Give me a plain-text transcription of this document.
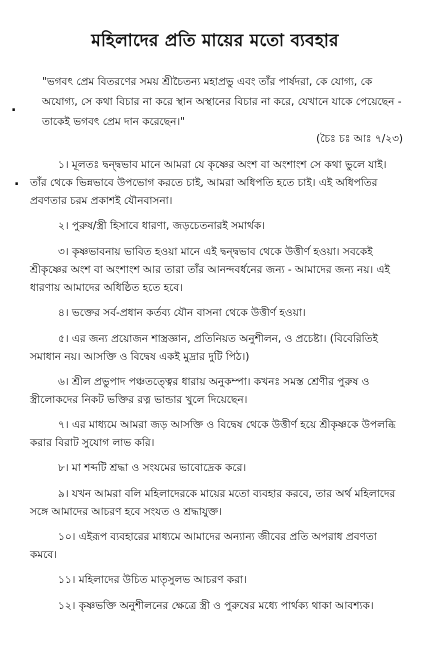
মহিলাদের প্রতি মায়ের মতো ব্যবহার
.
.
"ভগবৎ প্রেম বিতরণের সময় শ্রীচৈতন্য মহাপ্রভু এবং তাঁর পার্ষদরা, কে যোগ্য, কে অযোগ্য, সে কথা বিচার না করে স্থান অস্থানের বিচার না করে, যেখানে যাকে পেয়েছেন - তাকেই ভগবৎ প্রেম দান করেছেন।"
(চৈঃ চঃ আঃ ৭/২৩)
১। মূলতঃ দ্বন্দ্বভাব মানে আমরা যে কৃষ্ণের অংশ বা অংশাংশ সে কথা ভুলে যাই। তাঁর থেকে ভিন্নভাবে উপভোগ করতে চাই, আমরা অধিপতি হতে চাই। এই অধিপতির প্রবণতার চরম প্রকাশই যৌনবাসনা।
২। পুরুষ/স্ত্রী হিসাবে ধারণা, জড়চেতনারই সমার্থক।
৩। কৃষ্ণভাবনায় ভাবিত হওয়া মানে এই দ্বন্দ্বভাব থেকে উত্তীর্ণ হওয়া। সবকেই শ্রীকৃষ্ণের অংশ বা অংশাংশ আর তারা তাঁর আনন্দবর্ধনের জন্য - আমাদের জন্য নয়। এই ধারণায় আমাদের অধিষ্ঠিত হতে হবে।
৪। ভক্তের সর্ব-প্রধান কর্তব্য যৌন বাসনা থেকে উত্তীর্ণ হওয়া।
৫। এর জন্য প্রয়োজন শাস্ত্রজ্ঞান, প্রতিনিয়ত অনুশীলন, ও প্রচেষ্টা। (বিবেরিতিই সমাধান নয়। আসক্তি ও বিদ্বেষ একই মুদ্রার দুটি পিঠ।)
৬। শ্রীল প্রভুপাদ পঞ্চতত্ত্বের ধারায় অনুকম্পা। কখনঃ সমস্ত শ্রেণীর পুরুষ ও স্ত্রীলোকদের নিকট ভক্তির রত্ন ভান্ডার খুলে দিয়েছেন।
৭। এর মাধ্যমে আমরা জড় আসক্তি ও বিদ্বেষ থেকে উত্তীর্ণ হয়ে শ্রীকৃষ্ণকে উপলব্ধি করার বিরাট সুযোগ লাভ করি।
৮। মা শব্দটি শ্রদ্ধা ও সংযমের ভাবোদ্রেক করে।
৯। যখন আমরা বলি মহিলাদেরকে মায়ের মতো ব্যবহার করবে, তার অর্থ মহিলাদের সঙ্গে আমাদের আচরণ হবে সংযত ও শ্রদ্ধাযুক্ত।
১০। এইরূপ ব্যবহারের মাধ্যমে আমাদের অন্যান্য জীবের প্রতি অপরাধ প্রবণতা কমবে।
১১। মহিলাদের উচিত মাতৃসুলভ আচরণ করা।
১২। কৃষ্ণভক্তি অনুশীলনের ক্ষেত্রে স্ত্রী ও পুরুষের মধ্যে পার্থক্য থাকা আবশ্যক।
